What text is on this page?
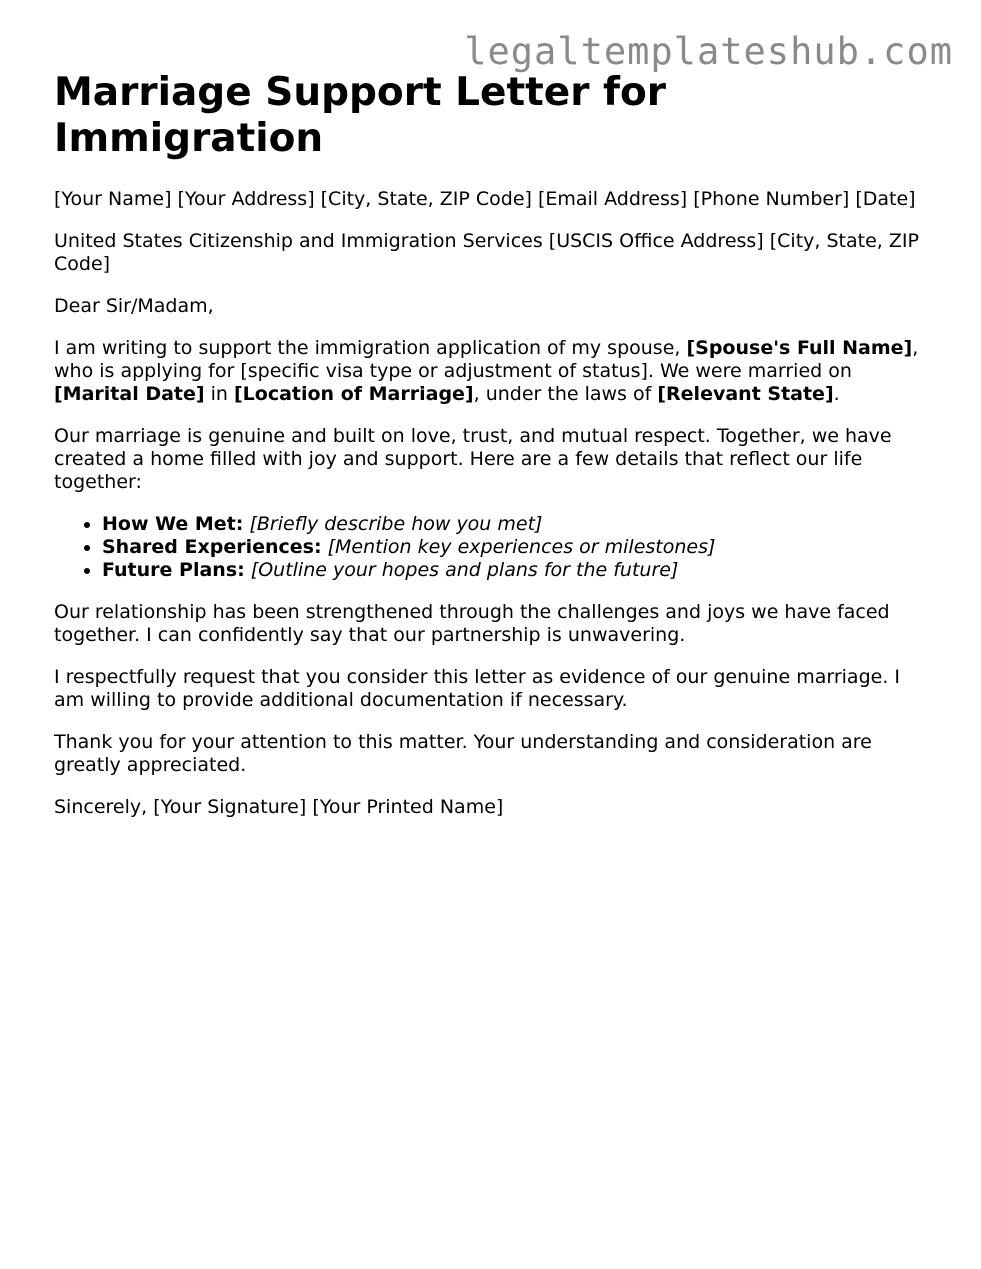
legaltemplateshub.com
Marriage Support Letter for Immigration

[Your Name] [Your Address] [City, State, ZIP Code] [Email Address] [Phone Number] [Date]

United States Citizenship and Immigration Services [USCIS Office Address] [City, State, ZIP Code]

Dear Sir/Madam,

I am writing to support the immigration application of my spouse, [Spouse's Full Name], who is applying for [specific visa type or adjustment of status]. We were married on [Marital Date] in [Location of Marriage], under the laws of [Relevant State].

Our marriage is genuine and built on love, trust, and mutual respect. Together, we have created a home filled with joy and support. Here are a few details that reflect our life together:

• How We Met: [Briefly describe how you met]
• Shared Experiences: [Mention key experiences or milestones]
• Future Plans: [Outline your hopes and plans for the future]

Our relationship has been strengthened through the challenges and joys we have faced together. I can confidently say that our partnership is unwavering.

I respectfully request that you consider this letter as evidence of our genuine marriage. I am willing to provide additional documentation if necessary.

Thank you for your attention to this matter. Your understanding and consideration are greatly appreciated.

Sincerely, [Your Signature] [Your Printed Name]
